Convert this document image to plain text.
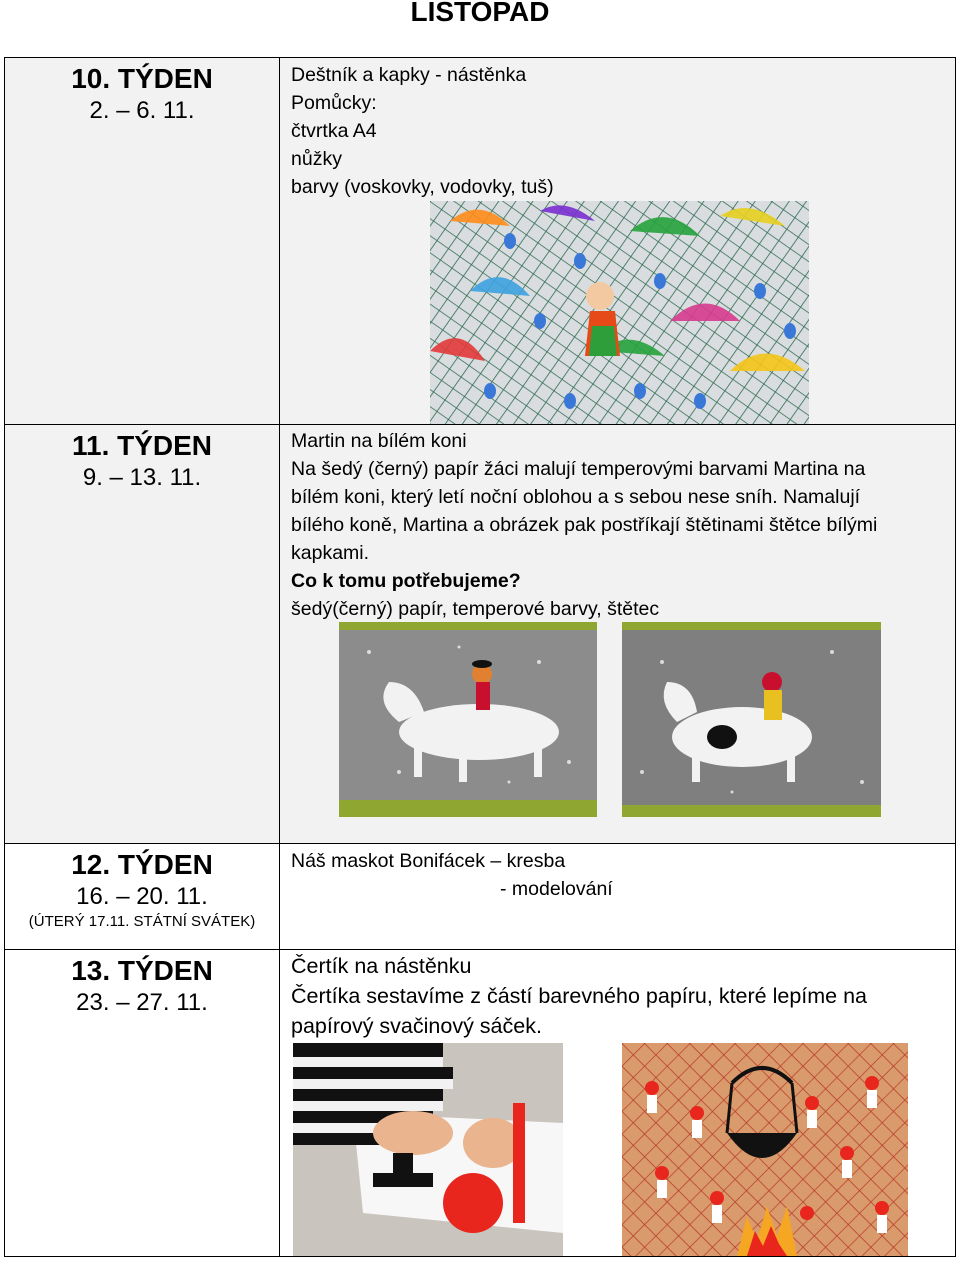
LISTOPAD
10. TÝDEN
2. – 6. 11.
Deštník a kapky - nástěnka
Pomůcky:
čtvrtka A4
nůžky
barvy (voskovky, vodovky, tuš)
11. TÝDEN
9. – 13. 11.
Martin na bílém koni
Na šedý (černý) papír žáci malují temperovými barvami Martina na
bílém koni, který letí noční oblohou a s sebou nese sníh. Namalují
bílého koně, Martina a obrázek pak postříkají štětinami štětce bílými
kapkami.
Co k tomu potřebujeme?
šedý(černý) papír, temperové barvy, štětec
12. TÝDEN
16. – 20. 11.
(ÚTERÝ 17.11. STÁTNÍ SVÁTEK)
Náš maskot Bonifácek – kresba
- modelování
13. TÝDEN
23. – 27. 11.
Čertík na nástěnku
Čertíka sestavíme z částí barevného papíru, které lepíme na
papírový svačinový sáček.
